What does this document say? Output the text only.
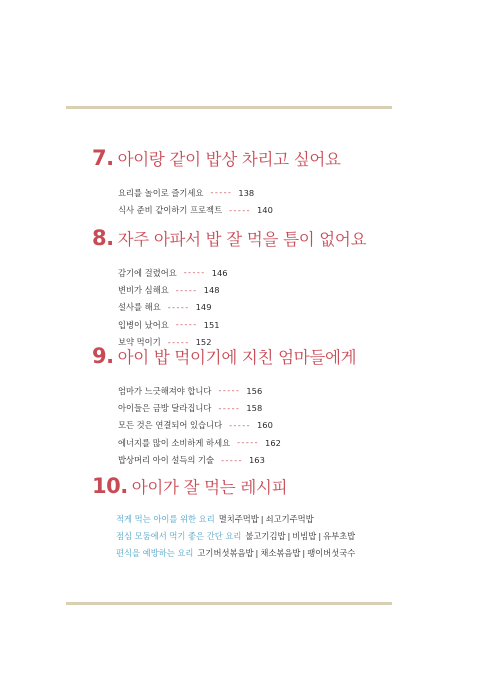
7. 아이랑 같이 밥상 차리고 싶어요
요리를 놀이로 즐기세요 ----- 138
식사 준비 같이하기 프로젝트 ----- 140
8. 자주 아파서 밥 잘 먹을 틈이 없어요
감기에 걸렸어요 ----- 146
변비가 심해요 ----- 148
설사를 해요 ----- 149
입병이 났어요 ----- 151
보약 먹이기 ----- 152
9. 아이 밥 먹이기에 지친 엄마들에게
엄마가 느긋해져야 합니다 ----- 156
아이들은 금방 달라집니다 ----- 158
모든 것은 연결되어 있습니다 ----- 160
에너지를 많이 소비하게 하세요 ----- 162
밥상머리 아이 설득의 기술 ----- 163
10. 아이가 잘 먹는 레시피
적게 먹는 아이를 위한 요리 멸치주먹밥 | 쇠고기주먹밥
점심 모둠에서 먹기 좋은 간단 요리 불고기김밥 | 비빔밥 | 유부초밥
편식을 예방하는 요리 고기버섯볶음밥 | 채소볶음밥 | 팽이버섯국수
